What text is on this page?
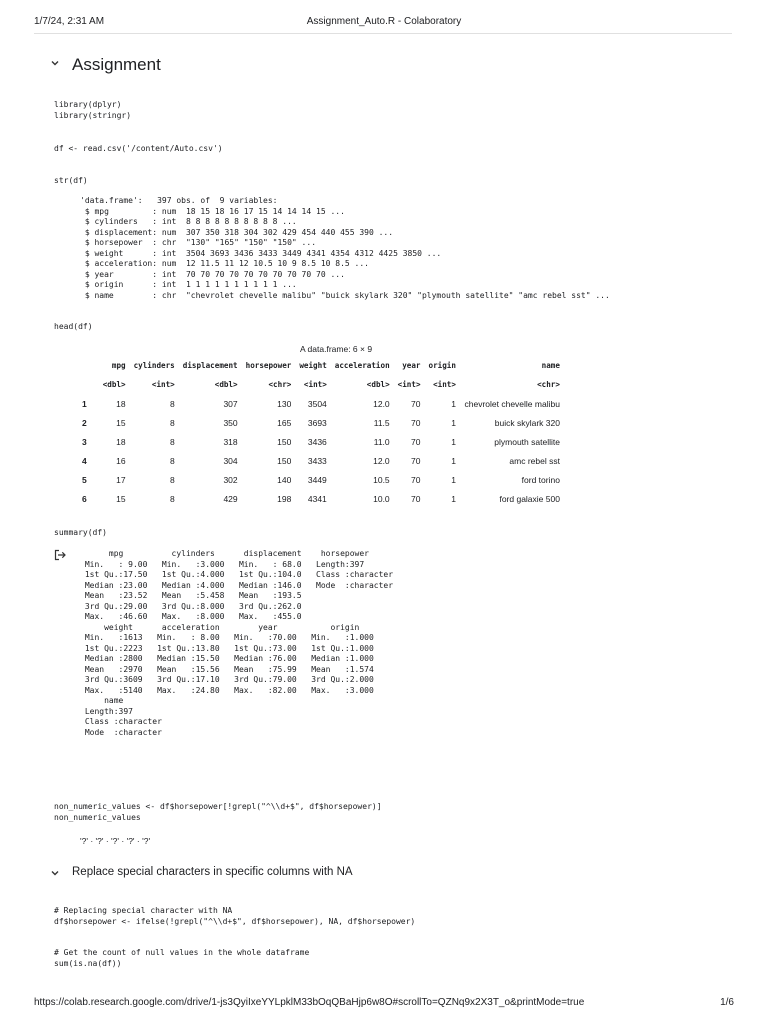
1/7/24, 2:31 AM	Assignment_Auto.R - Colaboratory
Assignment
library(dplyr)
library(stringr)
df <- read.csv('/content/Auto.csv')
str(df)
'data.frame':	397 obs. of  9 variables:
$ mpg         : num  18 15 18 16 17 15 14 14 14 15 ...
$ cylinders   : int  8 8 8 8 8 8 8 8 8 8 ...
$ displacement: num  307 350 318 304 302 429 454 440 455 390 ...
$ horsepower  : chr  "130" "165" "150" "150" ...
$ weight      : int  3504 3693 3436 3433 3449 4341 4354 4312 4425 3850 ...
$ acceleration: num  12 11.5 11 12 10.5 10 9 8.5 10 8.5 ...
$ year        : int  70 70 70 70 70 70 70 70 70 70 ...
$ origin      : int  1 1 1 1 1 1 1 1 1 1 ...
$ name        : chr  "chevrolet chevelle malibu" "buick skylark 320" "plymouth satellite" "amc rebel sst" ...
head(df)
A data.frame: 6 × 9
	mpg	cylinders	displacement	horsepower	weight	acceleration	year	origin	name
	<dbl>	<int>	<dbl>	<chr>	<int>	<dbl>	<int>	<int>	<chr>
1	18	8	307	130	3504	12.0	70	1	chevrolet chevelle malibu
2	15	8	350	165	3693	11.5	70	1	buick skylark 320
3	18	8	318	150	3436	11.0	70	1	plymouth satellite
4	16	8	304	150	3433	12.0	70	1	amc rebel sst
5	17	8	302	140	3449	10.5	70	1	ford torino
6	15	8	429	198	4341	10.0	70	1	ford galaxie 500
summary(df)
mpg          cylinders      displacement    horsepower
Min.   : 9.00   Min.   :3.000   Min.   : 68.0   Length:397
1st Qu.:17.50   1st Qu.:4.000   1st Qu.:104.0   Class :character
Median :23.00   Median :4.000   Median :146.0   Mode  :character
Mean   :23.52   Mean   :5.458   Mean   :193.5
3rd Qu.:29.00   3rd Qu.:8.000   3rd Qu.:262.0
Max.   :46.60   Max.   :8.000   Max.   :455.0
weight      acceleration        year           origin
Min.   :1613   Min.   : 8.00   Min.   :70.00   Min.   :1.000
1st Qu.:2223   1st Qu.:13.80   1st Qu.:73.00   1st Qu.:1.000
Median :2800   Median :15.50   Median :76.00   Median :1.000
Mean   :2970   Mean   :15.56   Mean   :75.99   Mean   :1.574
3rd Qu.:3609   3rd Qu.:17.10   3rd Qu.:79.00   3rd Qu.:2.000
Max.   :5140   Max.   :24.80   Max.   :82.00   Max.   :3.000
name
Length:397
Class :character
Mode  :character
non_numeric_values <- df$horsepower[!grepl("^\\d+$", df$horsepower)]
non_numeric_values
'?' · '?' · '?' · '?' · '?'
Replace special characters in specific columns with NA
# Replacing special character with NA
df$horsepower <- ifelse(!grepl("^\\d+$", df$horsepower), NA, df$horsepower)
# Get the count of null values in the whole dataframe
sum(is.na(df))
https://colab.research.google.com/drive/1-js3QyiIxeYYLpklM33bOqQBaHjp6w8O#scrollTo=QZNq9x2X3T_o&printMode=true	1/6
